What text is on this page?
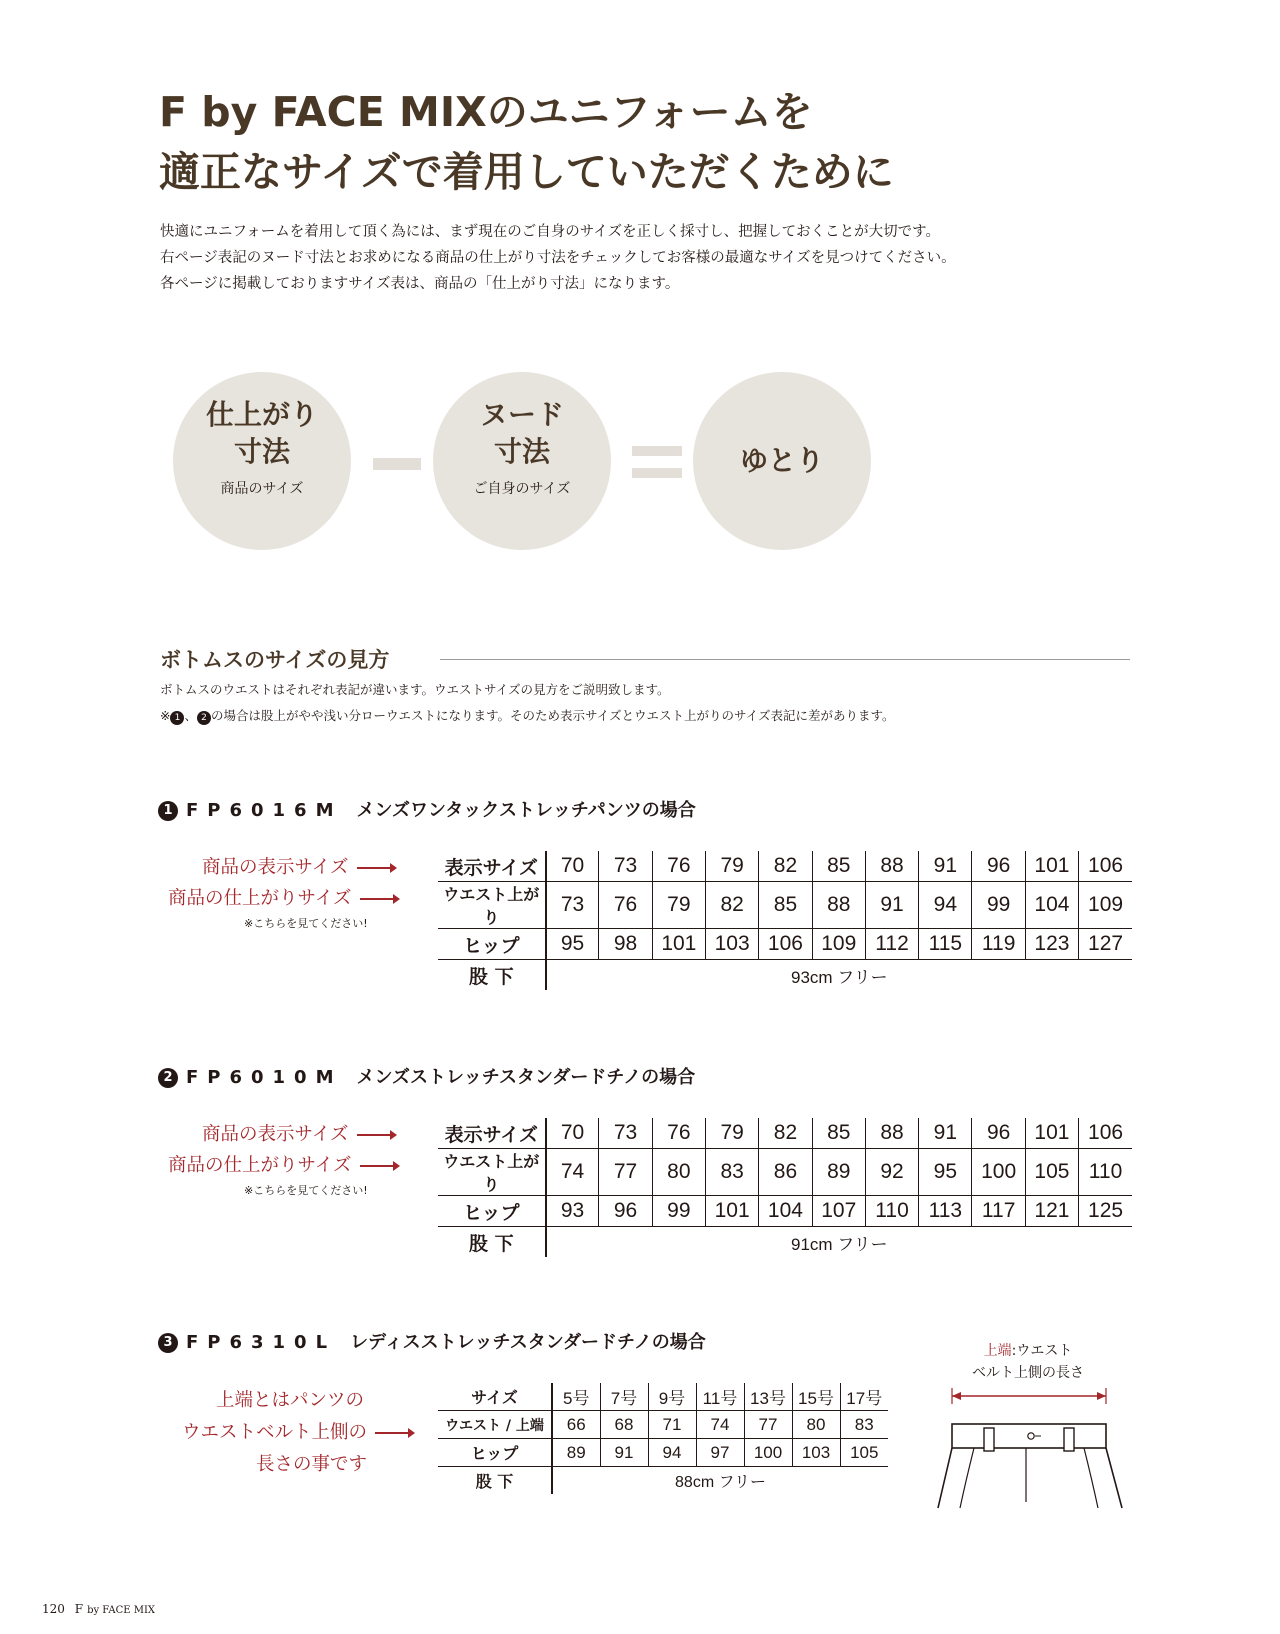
F by FACE MIXのユニフォームを
適正なサイズで着用していただくために
快適にユニフォームを着用して頂く為には、まず現在のご自身のサイズを正しく採寸し、把握しておくことが大切です。
右ページ表記のヌード寸法とお求めになる商品の仕上がり寸法をチェックしてお客様の最適なサイズを見つけてください。
各ページに掲載しておりますサイズ表は、商品の「仕上がり寸法」になります。
仕上がり
寸法
商品のサイズ
ヌード
寸法
ご自身のサイズ
ゆとり
ボトムスのサイズの見方
ボトムスのウエストはそれぞれ表記が違います。ウエストサイズの見方をご説明致します。
※ 1 、 2 の場合は股上がやや浅い分ローウエストになります。そのため表示サイズとウエスト上がりのサイズ表記に差があります。
1 FP6016M メンズワンタックストレッチパンツの場合
商品の表示サイズ
商品の仕上がりサイズ
※こちらを見てください!
表示サイズ	70	73	76	79	82	85	88	91	96	101	106
ウエスト上がり	73	76	79	82	85	88	91	94	99	104	109
ヒップ	95	98	101	103	106	109	112	115	119	123	127
股 下	93cm フリー										
2 FP6010M メンズストレッチスタンダードチノの場合
商品の表示サイズ
商品の仕上がりサイズ
※こちらを見てください!
表示サイズ	70	73	76	79	82	85	88	91	96	101	106
ウエスト上がり	74	77	80	83	86	89	92	95	100	105	110
ヒップ	93	96	99	101	104	107	110	113	117	121	125
股 下	91cm フリー										
3 FP6310L レディスストレッチスタンダードチノの場合
上端とはパンツの
ウエストベルト上側の
長さの事です
サイズ	5号	7号	9号	11号	13号	15号	17号
ウエスト / 上端	66	68	71	74	77	80	83
ヒップ	89	91	94	97	100	103	105
股 下	88cm フリー						
上端:ウエスト
ベルト上側の長さ
120 F by FACE MIX
